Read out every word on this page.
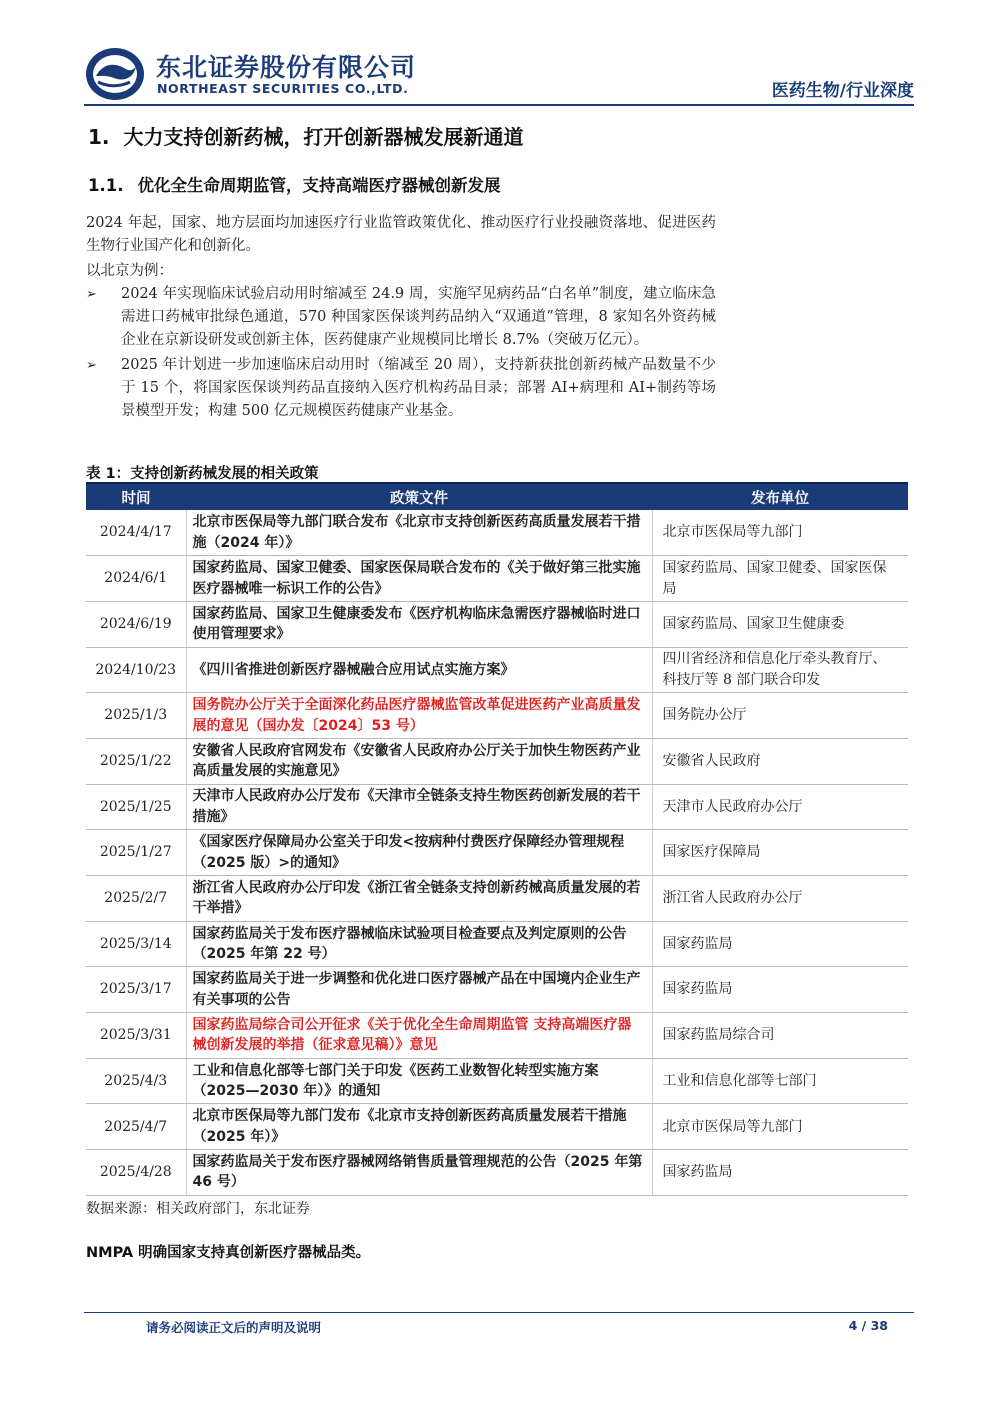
东北证券股份有限公司
NORTHEAST SECURITIES CO.,LTD.	医药生物/行业深度
1. 大力支持创新药械，打开创新器械发展新通道
1.1. 优化全生命周期监管，支持高端医疗器械创新发展
2024 年起，国家、地方层面均加速医疗行业监管政策优化、推动医疗行业投融资落地、促进医药生物行业国产化和创新化。
以北京为例：
➢ 2024 年实现临床试验启动用时缩减至 24.9 周，实施罕见病药品“白名单”制度，建立临床急需进口药械审批绿色通道，570 种国家医保谈判药品纳入“双通道”管理，8 家知名外资药械企业在京新设研发或创新主体，医药健康产业规模同比增长 8.7%（突破万亿元）。
➢ 2025 年计划进一步加速临床启动用时（缩减至 20 周），支持新获批创新药械产品数量不少于 15 个，将国家医保谈判药品直接纳入医疗机构药品目录；部署 AI+病理和 AI+制药等场景模型开发；构建 500 亿元规模医药健康产业基金。
表 1：支持创新药械发展的相关政策
时间	政策文件	发布单位
2024/4/17	北京市医保局等九部门联合发布《北京市支持创新医药高质量发展若干措施（2024 年）》	北京市医保局等九部门
2024/6/1	国家药监局、国家卫健委、国家医保局联合发布的《关于做好第三批实施医疗器械唯一标识工作的公告》	国家药监局、国家卫健委、国家医保局
2024/6/19	国家药监局、国家卫生健康委发布《医疗机构临床急需医疗器械临时进口使用管理要求》	国家药监局、国家卫生健康委
2024/10/23	《四川省推进创新医疗器械融合应用试点实施方案》	四川省经济和信息化厅牵头教育厅、科技厅等 8 部门联合印发
2025/1/3	国务院办公厅关于全面深化药品医疗器械监管改革促进医药产业高质量发展的意见（国办发〔2024〕53 号）	国务院办公厅
2025/1/22	安徽省人民政府官网发布《安徽省人民政府办公厅关于加快生物医药产业高质量发展的实施意见》	安徽省人民政府
2025/1/25	天津市人民政府办公厅发布《天津市全链条支持生物医药创新发展的若干措施》	天津市人民政府办公厅
2025/1/27	《国家医疗保障局办公室关于印发<按病种付费医疗保障经办管理规程（2025 版）>的通知》	国家医疗保障局
2025/2/7	浙江省人民政府办公厅印发《浙江省全链条支持创新药械高质量发展的若干举措》	浙江省人民政府办公厅
2025/3/14	国家药监局关于发布医疗器械临床试验项目检查要点及判定原则的公告（2025 年第 22 号）	国家药监局
2025/3/17	国家药监局关于进一步调整和优化进口医疗器械产品在中国境内企业生产有关事项的公告	国家药监局
2025/3/31	国家药监局综合司公开征求《关于优化全生命周期监管 支持高端医疗器械创新发展的举措（征求意见稿）》意见	国家药监局综合司
2025/4/3	工业和信息化部等七部门关于印发《医药工业数智化转型实施方案（2025—2030 年）》的通知	工业和信息化部等七部门
2025/4/7	北京市医保局等九部门发布《北京市支持创新医药高质量发展若干措施（2025 年）》	北京市医保局等九部门
2025/4/28	国家药监局关于发布医疗器械网络销售质量管理规范的公告（2025 年第 46 号）	国家药监局
数据来源：相关政府部门，东北证券
NMPA 明确国家支持真创新医疗器械品类。
请务必阅读正文后的声明及说明	4 / 38
